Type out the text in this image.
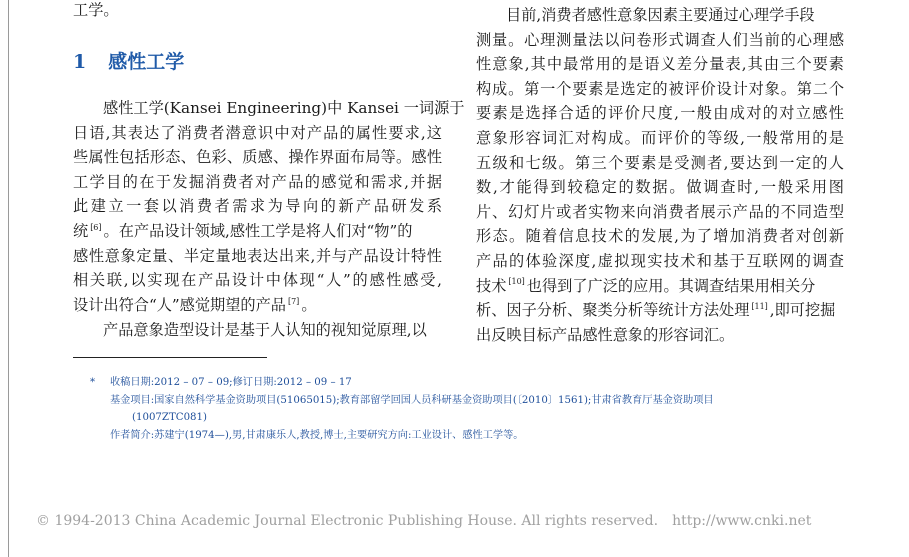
工学。

1 感性工学
感性工学(Kansei Engineering)中 Kansei 一词源于
日语,其表达了消费者潜意识中对产品的属性要求,这
些属性包括形态、色彩、质感、操作界面布局等。感性
工学目的在于发掘消费者对产品的感觉和需求,并据
此建立一套以消费者需求为导向的新产品研发系
统 [6] 。在产品设计领域,感性工学是将人们对“物”的
感性意象定量、半定量地表达出来,并与产品设计特性
相关联,以实现在产品设计中体现“人”的感性感受,
设计出符合“人”感觉期望的产品 [7] 。

产品意象造型设计是基于人认知的视知觉原理,以

目前,消费者感性意象因素主要通过心理学手段
测量。心理测量法以问卷形式调查人们当前的心理感
性意象,其中最常用的是语义差分量表,其由三个要素
构成。第一个要素是选定的被评价设计对象。第二个
要素是选择合适的评价尺度,一般由成对的对立感性
意象形容词汇对构成。而评价的等级,一般常用的是
五级和七级。第三个要素是受测者,要达到一定的人
数,才能得到较稳定的数据。做调查时,一般采用图
片、幻灯片或者实物来向消费者展示产品的不同造型
形态。随着信息技术的发展,为了增加消费者对创新
产品的体验深度,虚拟现实技术和基于互联网的调查
技术 [10] 也得到了广泛的应用。其调查结果用相关分
析、因子分析、聚类分析等统计方法处理 [11] ,即可挖掘
出反映目标产品感性意象的形容词汇。
* 收稿日期:2012 – 07 – 09;修订日期:2012 – 09 – 17
基金项目:国家自然科学基金资助项目(51065015);教育部留学回国人员科研基金资助项目(〔2010〕1561);甘肃省教育厅基金资助项目
(1007ZTC081)
作者简介:苏建宁(1974—),男,甘肃康乐人,教授,博士,主要研究方向:工业设计、感性工学等。
© 1994-2013 China Academic Journal Electronic Publishing House. All rights reserved. http://www.cnki.net
